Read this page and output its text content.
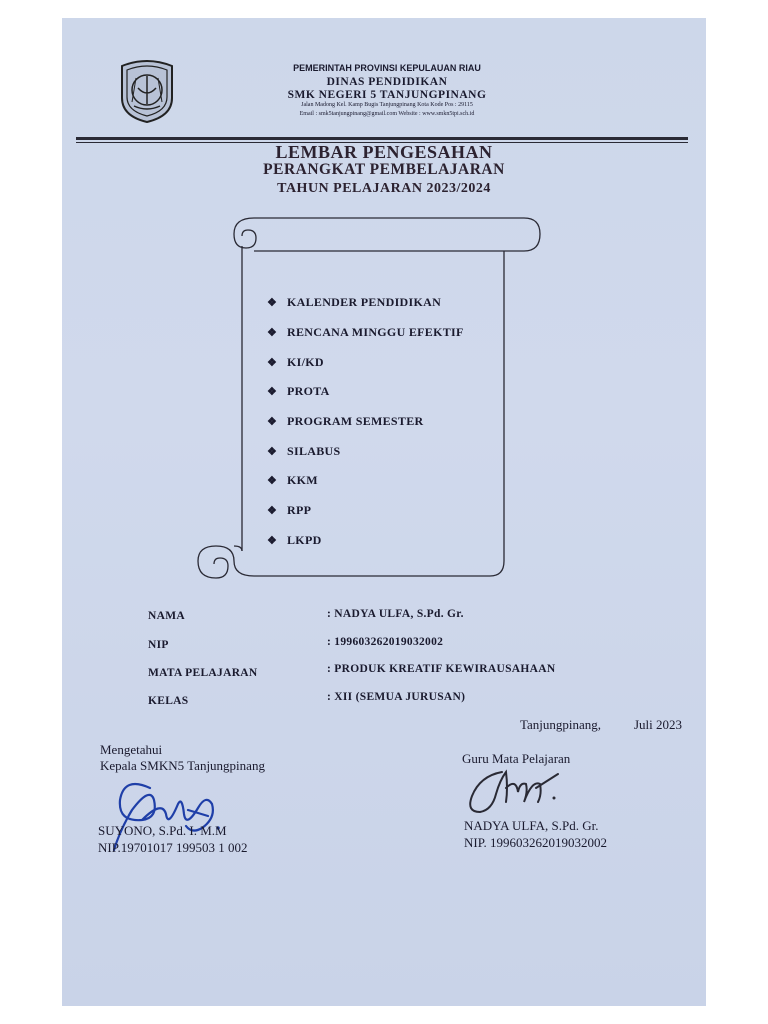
PEMERINTAH PROVINSI KEPULAUAN RIAU
DINAS PENDIDIKAN
SMK NEGERI 5 TANJUNGPINANG
Jalan Madong Kel. Kamp Bugis Tanjungpinang Kota Kode Pos : 29115
Email : smk5tanjungpinang@gmail.com Website : www.smkn5tpi.sch.id
LEMBAR PENGESAHAN
PERANGKAT PEMBELAJARAN
TAHUN PELAJARAN 2023/2024
❖ KALENDER PENDIDIKAN
❖ RENCANA MINGGU EFEKTIF
❖ KI/KD
❖ PROTA
❖ PROGRAM SEMESTER
❖ SILABUS
❖ KKM
❖ RPP
❖ LKPD
NAMA	: NADYA ULFA, S.Pd. Gr.
NIP	: 199603262019032002
MATA PELAJARAN	: PRODUK KREATIF KEWIRAUSAHAAN
KELAS	: XII (SEMUA JURUSAN)
Tanjungpinang,	Juli 2023
Mengetahui
Kepala SMKN5 Tanjungpinang
SUYONO, S.Pd. I. M.M
NIP.19701017 199503 1 002
Guru Mata Pelajaran
NADYA ULFA, S.Pd. Gr.
NIP. 199603262019032002
